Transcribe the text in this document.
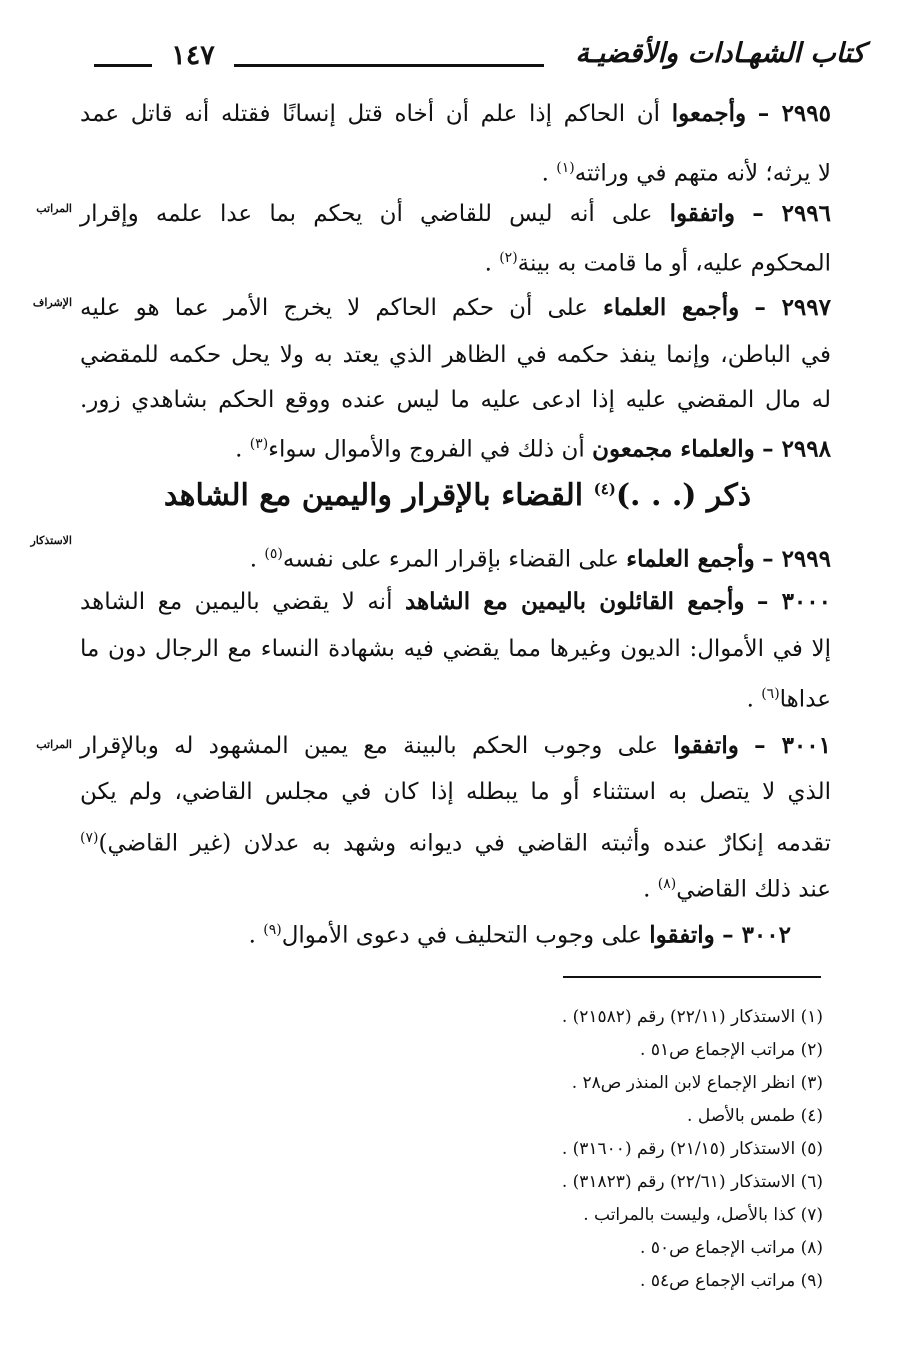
١٤٧	كتاب الشهـادات والأقضيـة
٢٩٩٥ – وأجمعوا أن الحاكم إذا علم أن أخاه قتل إنسانًا فقتله أنه قاتل عمد
لا يرثه؛ لأنه متهم في وراثته$^{(١)}$ .
المراتب	٢٩٩٦ – واتفقوا على أنه ليس للقاضي أن يحكم بما عدا علمه وإقرار
المحكوم عليه، أو ما قامت به بينة$^{(٢)}$ .
الإشراف	٢٩٩٧ – وأجمع العلماء على أن حكم الحاكم لا يخرج الأمر عما هو عليه
في الباطن، وإنما ينفذ حكمه في الظاهر الذي يعتد به ولا يحل حكمه للمقضي
له مال المقضي عليه إذا ادعى عليه ما ليس عنده ووقع الحكم بشاهدي زور.
٢٩٩٨ – والعلماء مجمعون أن ذلك في الفروج والأموال سواء$^{(٣)}$ .
ذكر (. . .)$^{(٤)}$ القضاء بالإقرار واليمين مع الشاهد
الاستذكار
٢٩٩٩ – وأجمع العلماء على القضاء بإقرار المرء على نفسه$^{(٥)}$ .
٣٠٠٠ – وأجمع القائلون باليمين مع الشاهد أنه لا يقضي باليمين مع الشاهد
إلا في الأموال: الديون وغيرها مما يقضي فيه بشهادة النساء مع الرجال دون ما
عداها$^{(٦)}$ .
المراتب	٣٠٠١ – واتفقوا على وجوب الحكم بالبينة مع يمين المشهود له وبالإقرار
الذي لا يتصل به استثناء أو ما يبطله إذا كان في مجلس القاضي، ولم يكن
تقدمه إنكارٌ عنده وأثبته القاضي في ديوانه وشهد به عدلان (غير القاضي)$^{(٧)}$
عند ذلك القاضي$^{(٨)}$ .
٣٠٠٢ – واتفقوا على وجوب التحليف في دعوى الأموال$^{(٩)}$ .
(١) الاستذكار (٢٢/١١) رقم (٢١٥٨٢) .
(٢) مراتب الإجماع ص٥١ .
(٣) انظر الإجماع لابن المنذر ص٢٨ .
(٤) طمس بالأصل .
(٥) الاستذكار (٢١/١٥) رقم (٣١٦٠٠) .
(٦) الاستذكار (٢٢/٦١) رقم (٣١٨٢٣) .
(٧) كذا بالأصل، وليست بالمراتب .
(٨) مراتب الإجماع ص٥٠ .
(٩) مراتب الإجماع ص٥٤ .
